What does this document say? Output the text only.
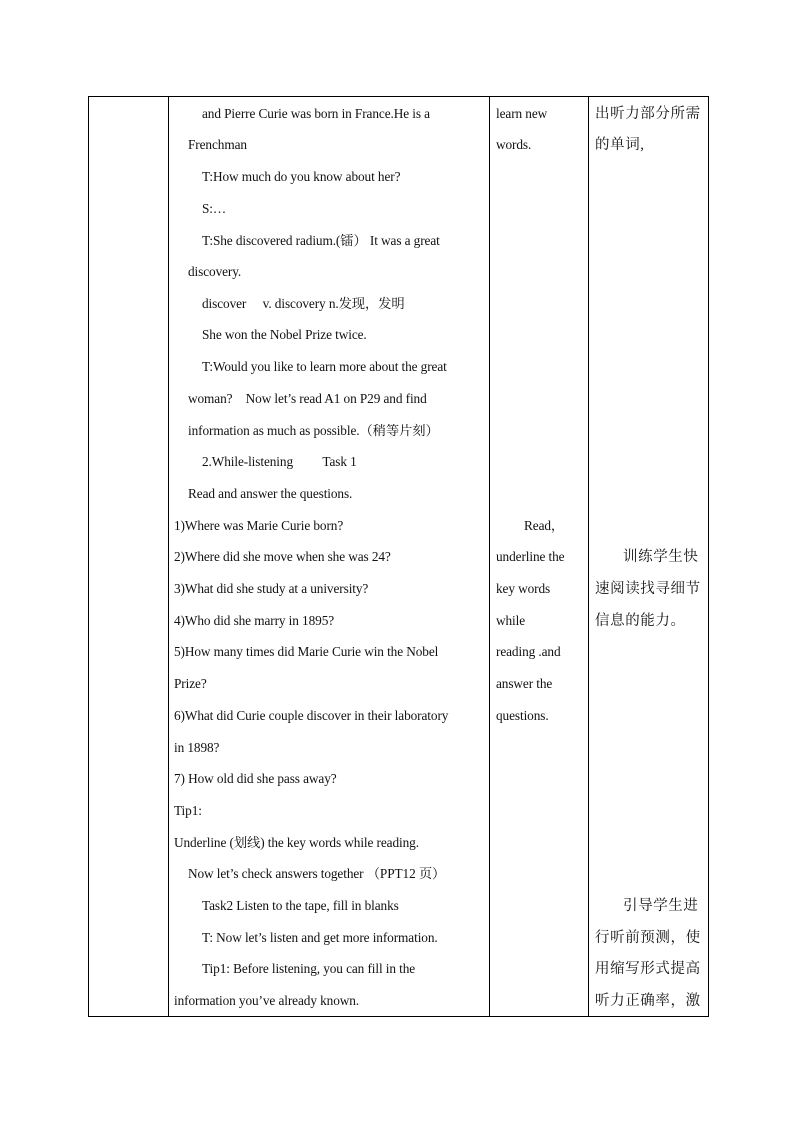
and Pierre Curie was born in France.He is a
Frenchman
T:How much do you know about her?
S:…
T:She discovered radium.(镭） It was a great
discovery.
discover　 v. discovery n.发现，发明
She won the Nobel Prize twice.
T:Would you like to learn more about the great
woman?　Now let’s read A1 on P29 and find
information as much as possible.（稍等片刻）
2.While-listening　　 Task 1
Read and answer the questions.
1)Where was Marie Curie born?
2)Where did she move when she was 24?
3)What did she study at a university?
4)Who did she marry in 1895?
5)How many times did Marie Curie win the Nobel
Prize?
6)What did Curie couple discover in their laboratory
in 1898?
7) How old did she pass away?
Tip1:
Underline (划线) the key words while reading.
Now let’s check answers together （PPT12 页）
Task2 Listen to the tape, fill in blanks
T: Now let’s listen and get more information.
Tip1: Before listening, you can fill in the
information you’ve already known.

learn new
words.
Read，
underline the
key words
while
reading .and
answer the
questions.

出听力部分所需
的单词,
训练学生快
速阅读找寻细节
信息的能力。
引导学生进
行听前预测，使
用缩写形式提高
听力正确率，激
